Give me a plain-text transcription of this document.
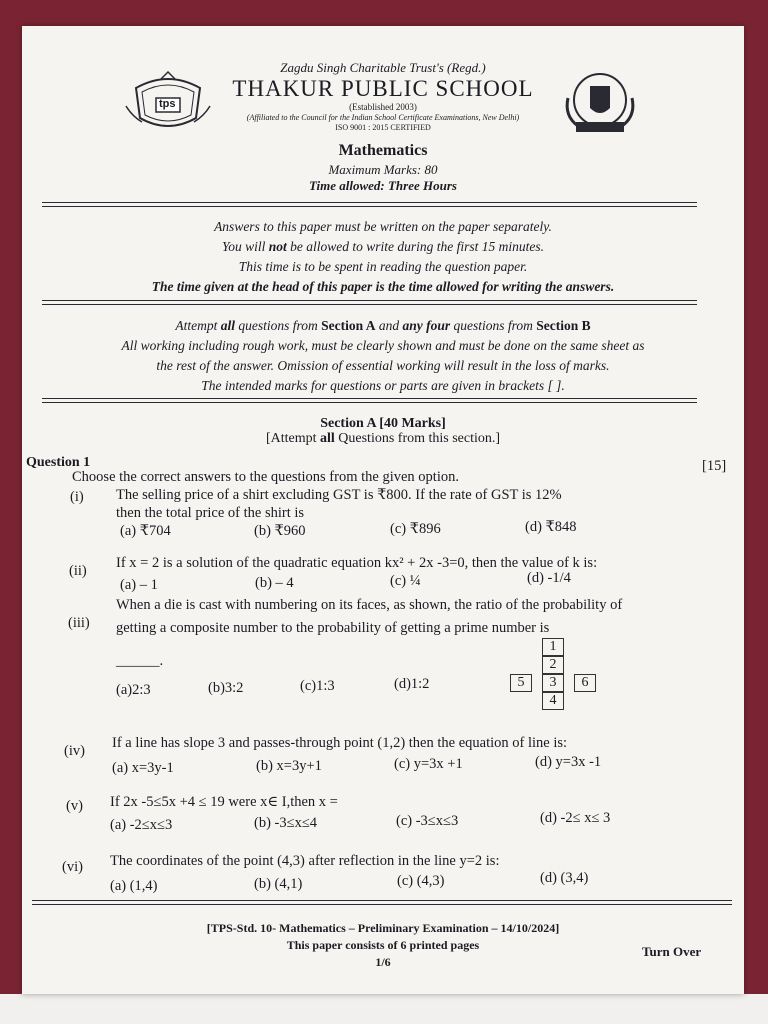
tps
Zagdu Singh Charitable Trust's (Regd.)
THAKUR PUBLIC SCHOOL
(Established 2003)
(Affiliated to the Council for the Indian School Certificate Examinations, New Delhi)
ISO 9001 : 2015 CERTIFIED
Mathematics
Maximum Marks: 80
Time allowed: Three Hours
Answers to this paper must be written on the paper separately.
You will not be allowed to write during the first 15 minutes.
This time is to be spent in reading the question paper.
The time given at the head of this paper is the time allowed for writing the answers.
Attempt all questions from Section A and any four questions from Section B
All working including rough work, must be clearly shown and must be done on the same sheet as
the rest of the answer. Omission of essential working will result in the loss of marks.
The intended marks for questions or parts are given in brackets [ ].
Section A [40 Marks]
[Attempt all Questions from this section.]
Question 1	[15]
Choose the correct answers to the questions from the given option.
(i) The selling price of a shirt excluding GST is ₹800. If the rate of GST is 12%
then the total price of the shirt is
(a) ₹704	(b) ₹960	(c) ₹896	(d) ₹848
(ii) If x = 2 is a solution of the quadratic equation kx² + 2x -3=0, then the value of k is:
(a) – 1	(b) – 4	(c) ¼	(d) -1/4
(iii)
When a die is cast with numbering on its faces, as shown, the ratio of the probability of
getting a composite number to the probability of getting a prime number is
______.
(a)2:3	(b)3:2	(c)1:3	(d)1:2
1
2
5	3	6
4
(iv) If a line has slope 3 and passes-through point (1,2) then the equation of line is:
(a) x=3y-1	(b) x=3y+1	(c) y=3x +1	(d) y=3x -1
(v) If 2x -5≤5x +4 ≤ 19 were x∈ I,then x =
(a) -2≤x≤3	(b) -3≤x≤4	(c) -3≤x≤3	(d) -2≤ x≤ 3
(vi) The coordinates of the point (4,3) after reflection in the line y=2 is:
(a) (1,4)	(b) (4,1)	(c) (4,3)	(d) (3,4)
[TPS-Std. 10- Mathematics – Preliminary Examination – 14/10/2024]
This paper consists of 6 printed pages
1/6
Turn Over
